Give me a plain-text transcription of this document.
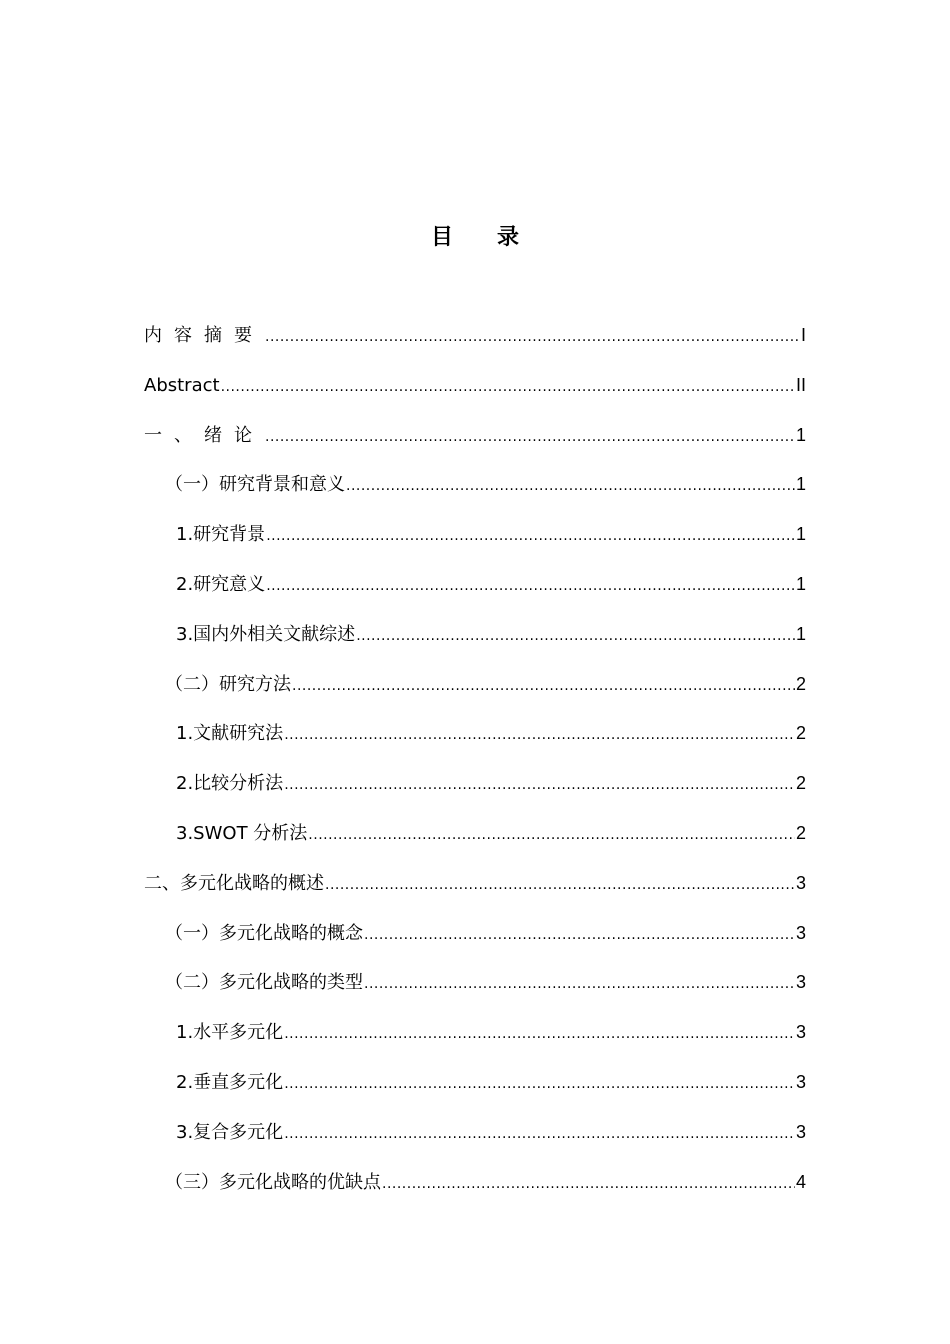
目录
内容摘要 .....	I
Abstract .....	II
一、绪论 .....	1
（一）研究背景和意义 .....	1
1.研究背景 .....	1
2.研究意义 .....	1
3.国内外相关文献综述 .....	1
（二）研究方法 .....	2
1.文献研究法 .....	2
2.比较分析法 .....	2
3.SWOT 分析法 .....	2
二、多元化战略的概述 .....	3
（一）多元化战略的概念 .....	3
（二）多元化战略的类型 .....	3
1.水平多元化 .....	3
2.垂直多元化 .....	3
3.复合多元化 .....	3
（三）多元化战略的优缺点 .....	4
